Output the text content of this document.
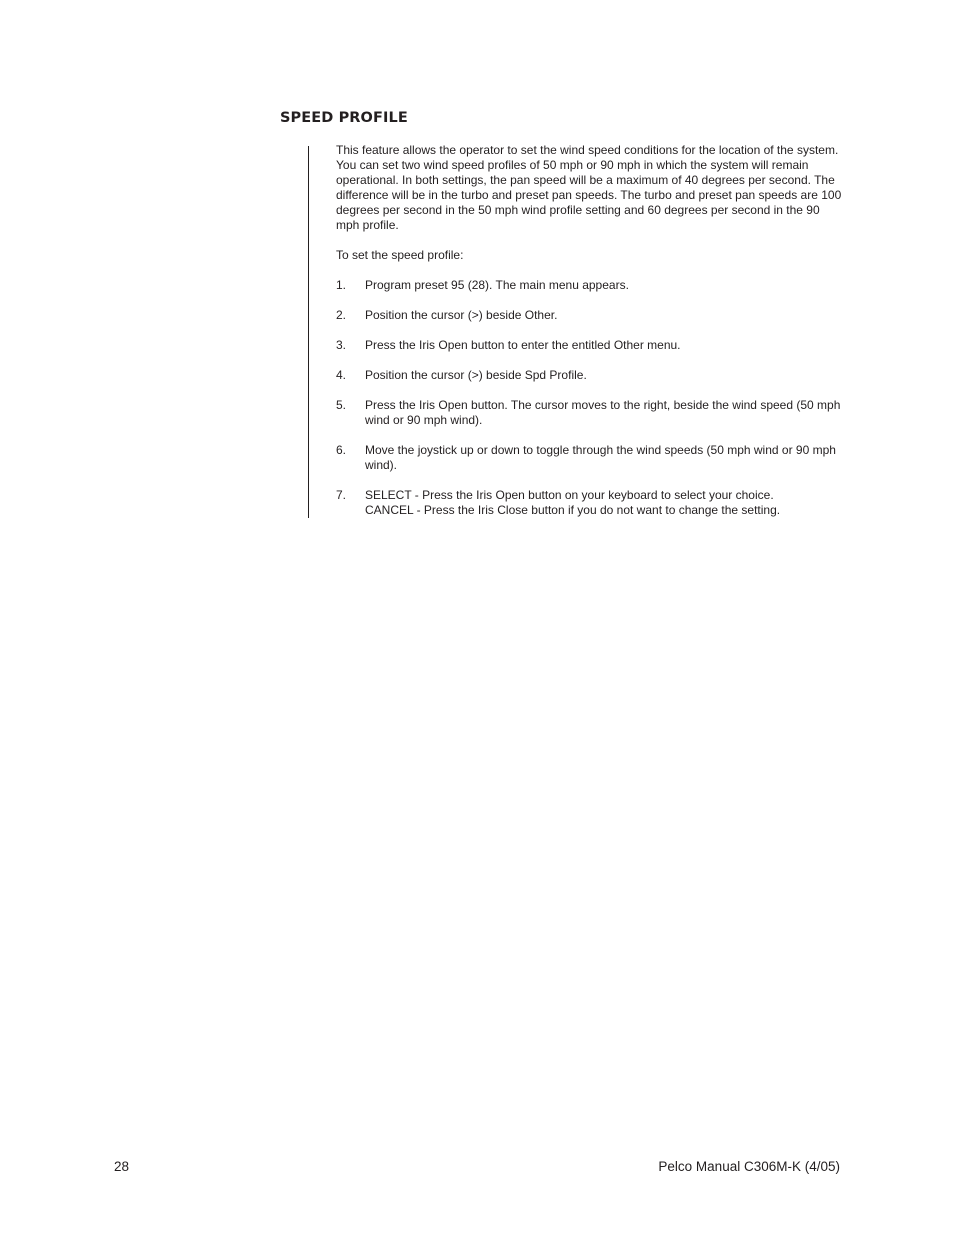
SPEED PROFILE

This feature allows the operator to set the wind speed conditions for the location of the system. You can set two wind speed profiles of 50 mph or 90 mph in which the system will remain operational. In both settings, the pan speed will be a maximum of 40 degrees per second. The difference will be in the turbo and preset pan speeds. The turbo and preset pan speeds are 100 degrees per second in the 50 mph wind profile setting and 60 degrees per second in the 90 mph profile.

To set the speed profile:

1.	Program preset 95 (28). The main menu appears.
2.	Position the cursor (>) beside Other.
3.	Press the Iris Open button to enter the entitled Other menu.
4.	Position the cursor (>) beside Spd Profile.
5.	Press the Iris Open button. The cursor moves to the right, beside the wind speed (50 mph wind or 90 mph wind).
6.	Move the joystick up or down to toggle through the wind speeds (50 mph wind or 90 mph wind).
7.	SELECT - Press the Iris Open button on your keyboard to select your choice.
CANCEL - Press the Iris Close button if you do not want to change the setting.
28	Pelco Manual C306M-K (4/05)
